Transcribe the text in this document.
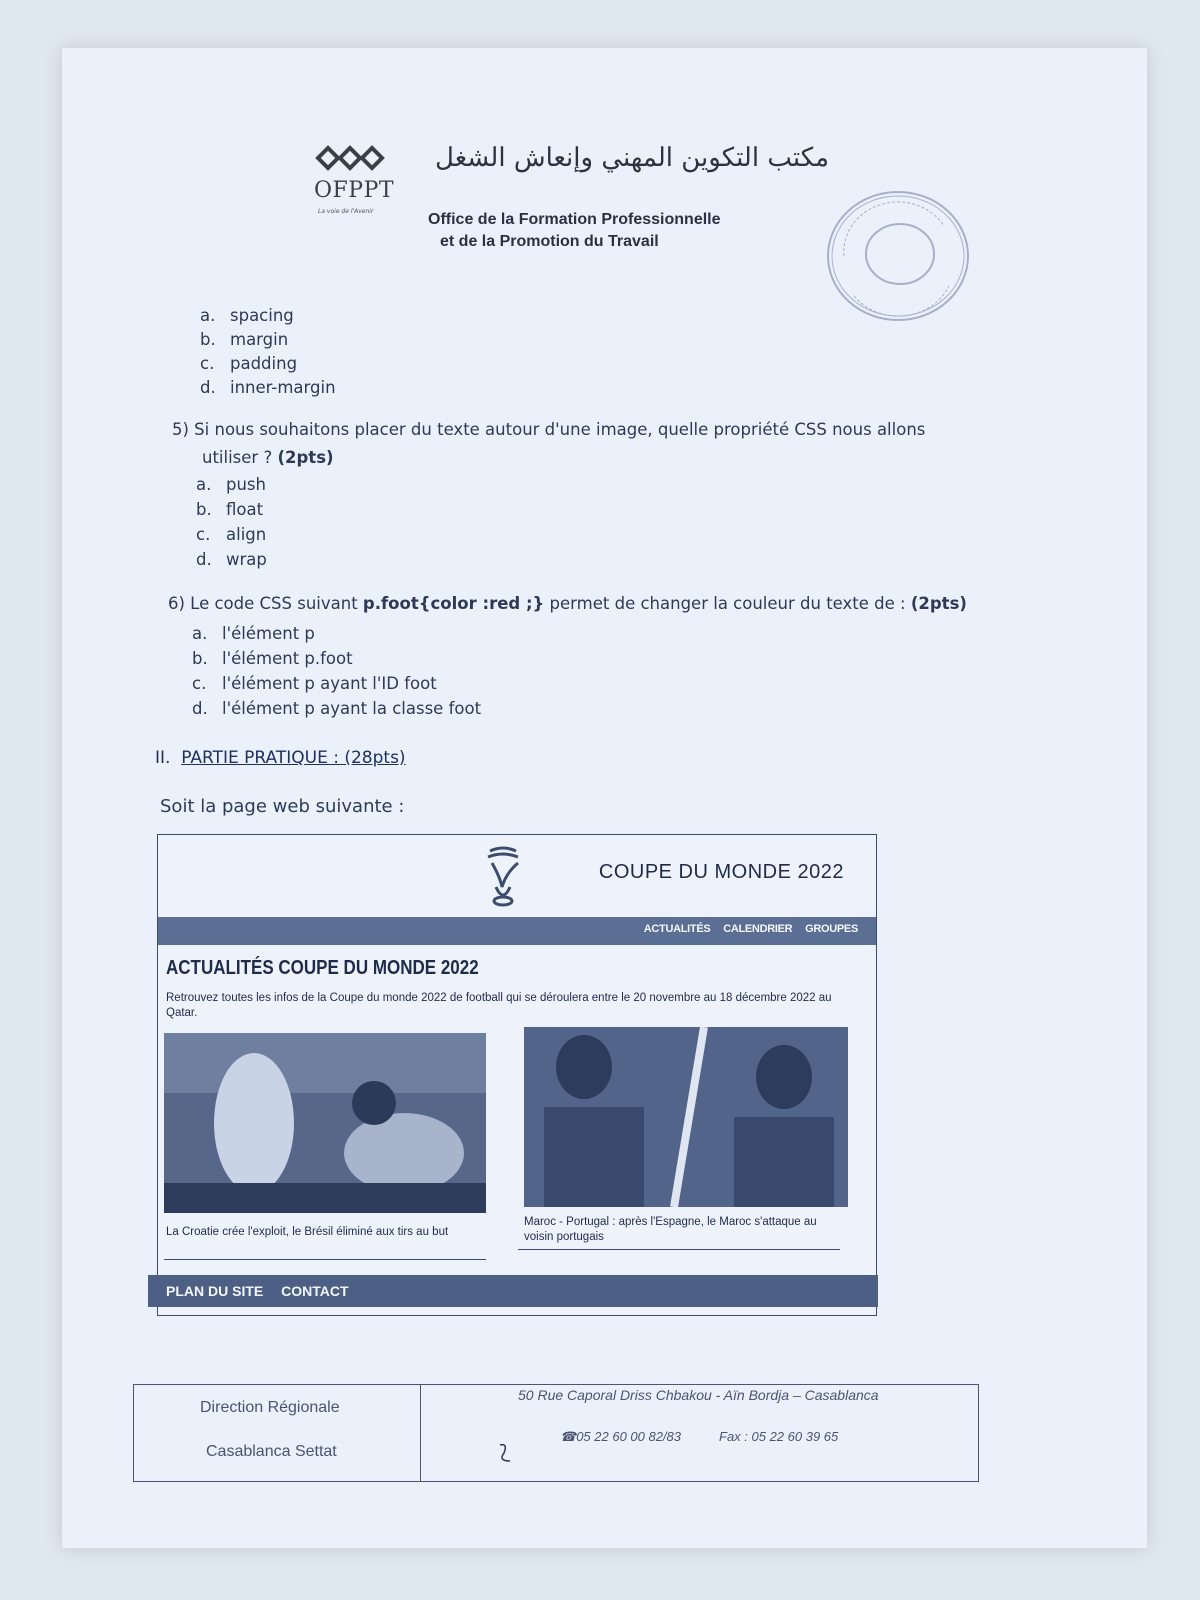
OFPPT
La voie de l'Avenir
مكتب التكوين المهني وإنعاش الشغل
Office de la Formation Professionnelle
et de la Promotion du Travail
a. spacing
b. margin
c. padding
d. inner-margin
5) Si nous souhaitons placer du texte autour d'une image, quelle propriété CSS nous allons
utiliser ? (2pts)
a. push
b. float
c. align
d. wrap
6) Le code CSS suivant p.foot{color :red ;} permet de changer la couleur du texte de : (2pts)
a. l'élément p
b. l'élément p.foot
c. l'élément p ayant l'ID foot
d. l'élément p ayant la classe foot
II. PARTIE PRATIQUE : (28pts)
Soit la page web suivante :
COUPE DU MONDE 2022
ACTUALITÉS CALENDRIER GROUPES
ACTUALITÉS COUPE DU MONDE 2022
Retrouvez toutes les infos de la Coupe du monde 2022 de football qui se déroulera entre le 20 novembre au 18 décembre 2022 au Qatar.
La Croatie crée l'exploit, le Brésil éliminé aux tirs au but
Maroc - Portugal : après l'Espagne, le Maroc s'attaque au voisin portugais
PLAN DU SITE CONTACT
Direction Régionale
Casablanca Settat
50 Rue Caporal Driss Chbakou - Aïn Bordja – Casablanca
☎05 22 60 00 82/83	Fax : 05 22 60 39 65
